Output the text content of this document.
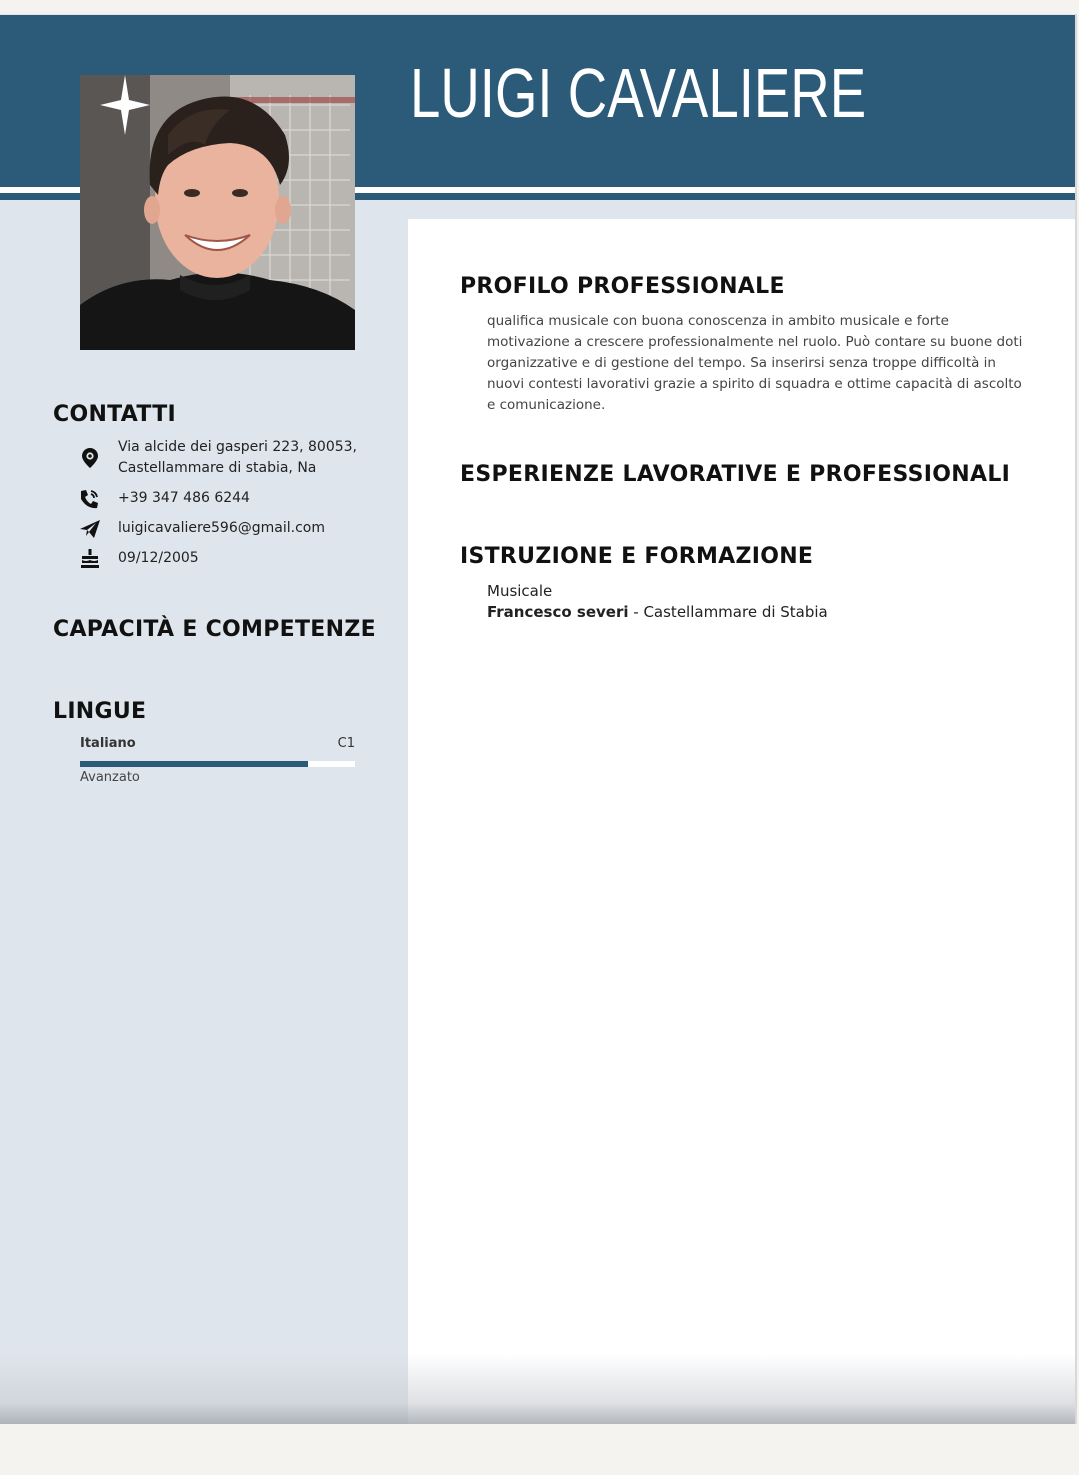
LUIGI CAVALIERE
CONTATTI
Via alcide dei gasperi 223, 80053,
Castellammare di stabia, Na
+39 347 486 6244
luigicavaliere596@gmail.com
09/12/2005
CAPACITÀ E COMPETENZE
LINGUE
Italiano	C1
Avanzato
PROFILO PROFESSIONALE
qualifica musicale con buona conoscenza in ambito musicale e forte motivazione a crescere professionalmente nel ruolo. Può contare su buone doti organizzative e di gestione del tempo. Sa inserirsi senza troppe difficoltà in nuovi contesti lavorativi grazie a spirito di squadra e ottime capacità di ascolto e comunicazione.
ESPERIENZE LAVORATIVE E PROFESSIONALI
ISTRUZIONE E FORMAZIONE
Musicale
Francesco severi - Castellammare di Stabia
